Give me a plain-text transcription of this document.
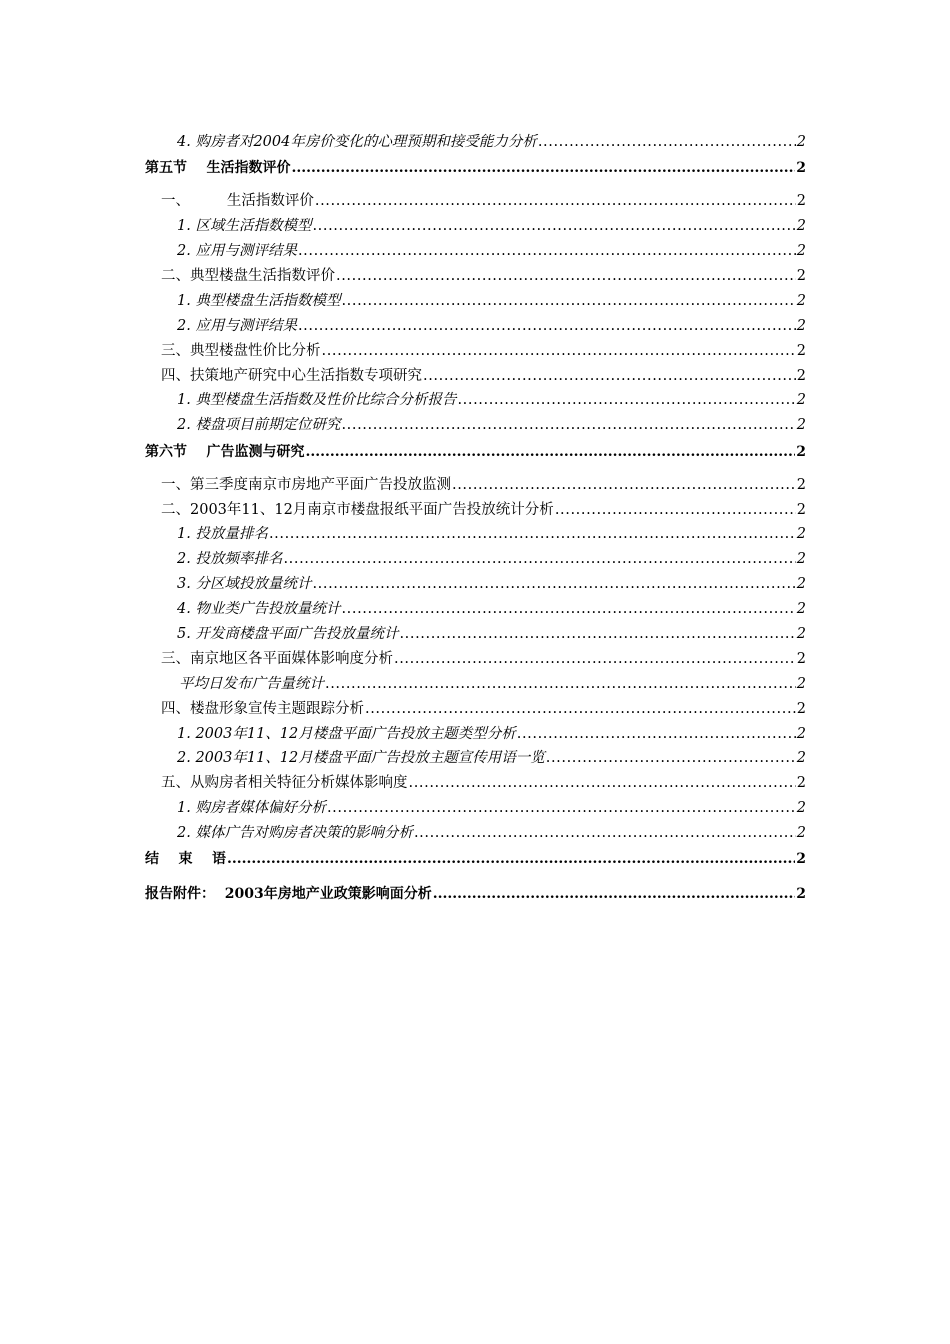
4. 购房者对2004年房价变化的心理预期和接受能力分析 .....	2
第五节    生活指数评价 .....	2
一、        生活指数评价 .....	2
1. 区域生活指数模型 .....	2
2. 应用与测评结果 .....	2
二、典型楼盘生活指数评价 .....	2
1. 典型楼盘生活指数模型 .....	2
2. 应用与测评结果 .....	2
三、典型楼盘性价比分析 .....	2
四、扶策地产研究中心生活指数专项研究 .....	2
1. 典型楼盘生活指数及性价比综合分析报告 .....	2
2. 楼盘项目前期定位研究 .....	2
第六节    广告监测与研究 .....	2
一、第三季度南京市房地产平面广告投放监测 .....	2
二、2003年11、12月南京市楼盘报纸平面广告投放统计分析 .....	2
1. 投放量排名 .....	2
2. 投放频率排名 .....	2
3. 分区域投放量统计 .....	2
4. 物业类广告投放量统计 .....	2
5. 开发商楼盘平面广告投放量统计 .....	2
三、南京地区各平面媒体影响度分析 .....	2
平均日发布广告量统计 .....	2
四、楼盘形象宣传主题跟踪分析 .....	2
1. 2003年11、12月楼盘平面广告投放主题类型分析 .....	2
2. 2003年11、12月楼盘平面广告投放主题宣传用语一览 .....	2
五、从购房者相关特征分析媒体影响度 .....	2
1. 购房者媒体偏好分析 .....	2
2. 媒体广告对购房者决策的影响分析 .....	2
结    束    语 .....	2
报告附件：  2003年房地产业政策影响面分析 .....	2
